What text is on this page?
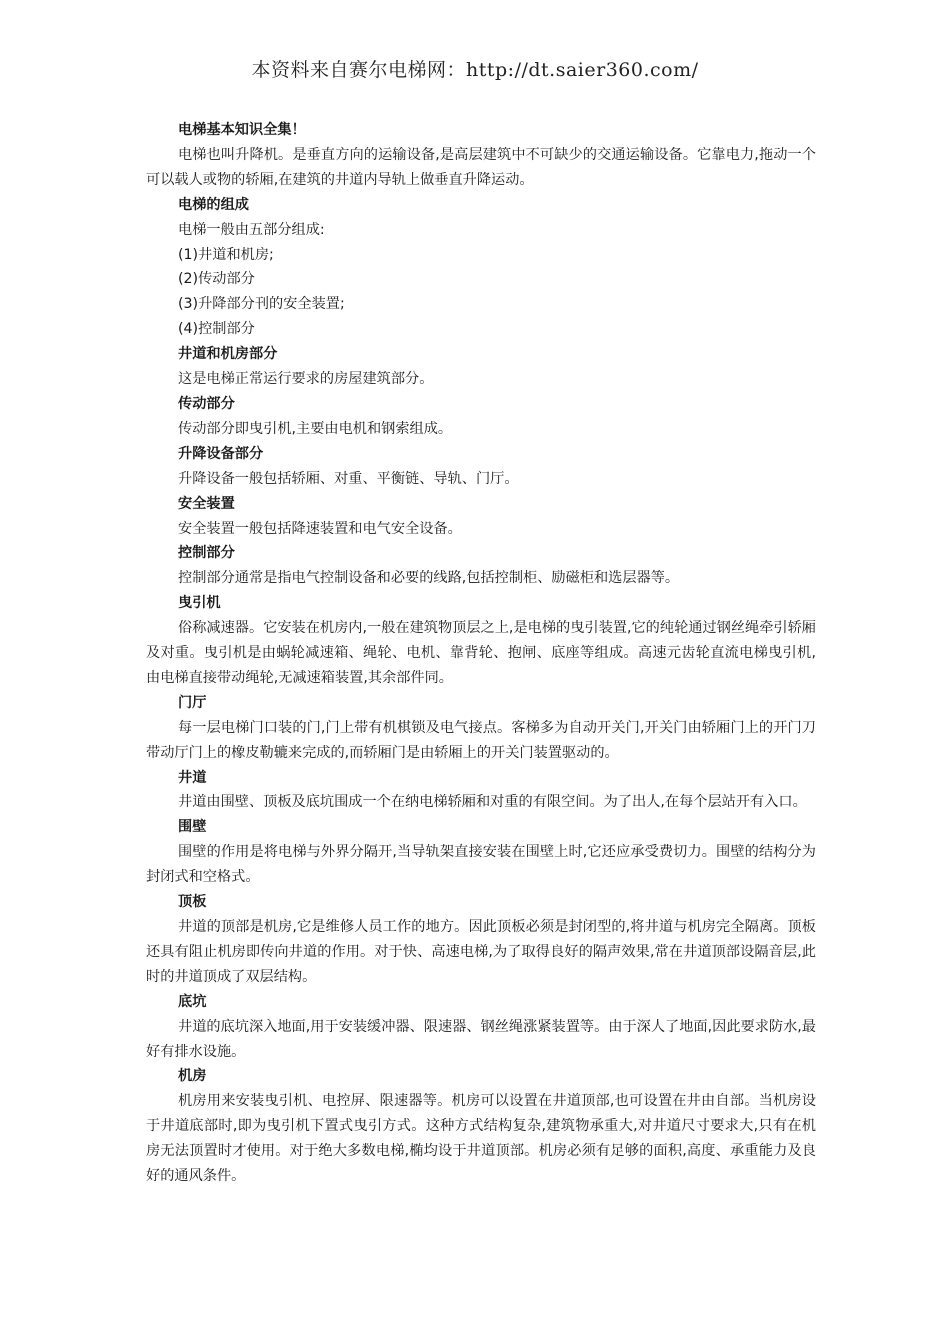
本资料来自赛尔电梯网：http://dt.saier360.com/

电梯基本知识全集！

电梯也叫升降机。是垂直方向的运输设备,是高层建筑中不可缺少的交通运输设备。它靠电力,拖动一个可以载人或物的轿厢,在建筑的井道内导轨上做垂直升降运动。

电梯的组成

电梯一般由五部分组成:

(1)井道和机房;

(2)传动部分

(3)升降部分刊的安全装置;

(4)控制部分

井道和机房部分

这是电梯正常运行要求的房屋建筑部分。

传动部分

传动部分即曳引机,主要由电机和钢索组成。

升降设备部分

升降设备一般包括轿厢、对重、平衡链、导轨、门厅。

安全装置

安全装置一般包括降速装置和电气安全设备。

控制部分

控制部分通常是指电气控制设备和必要的线路,包括控制柜、励磁柜和选层器等。

曳引机

俗称减速器。它安装在机房内,一般在建筑物顶层之上,是电梯的曳引装置,它的纯轮通过钢丝绳牵引轿厢及对重。曳引机是由蜗轮减速箱、绳轮、电机、靠背轮、抱闸、底座等组成。高速元齿轮直流电梯曳引机,由电梯直接带动绳轮,无减速箱装置,其余部件同。

门厅

每一层电梯门口装的门,门上带有机棋锁及电气接点。客梯多为自动开关门,开关门由轿厢门上的开门刀带动厅门上的橡皮勒辘来完成的,而轿厢门是由轿厢上的开关门装置驱动的。

井道

井道由围壁、顶板及底坑围成一个在纳电梯轿厢和对重的有限空间。为了出人,在每个层站开有入口。

围壁

围壁的作用是将电梯与外界分隔开,当导轨架直接安装在围壁上时,它还应承受费切力。围壁的结构分为封闭式和空格式。

顶板

井道的顶部是机房,它是维修人员工作的地方。因此顶板必须是封闭型的,将井道与机房完全隔离。顶板还具有阻止机房即传向井道的作用。对于快、高速电梯,为了取得良好的隔声效果,常在井道顶部设隔音层,此时的井道顶成了双层结构。

底坑

井道的底坑深入地面,用于安装缓冲器、限速器、钢丝绳涨紧装置等。由于深人了地面,因此要求防水,最好有排水设施。

机房

机房用来安装曳引机、电控屏、限速器等。机房可以设置在井道顶部,也可设置在井由自部。当机房设于井道底部时,即为曳引机下置式曳引方式。这种方式结构复杂,建筑物承重大,对井道尺寸要求大,只有在机房无法顶置时才使用。对于绝大多数电梯,椭均设于井道顶部。机房必须有足够的面积,高度、承重能力及良好的通风条件。
